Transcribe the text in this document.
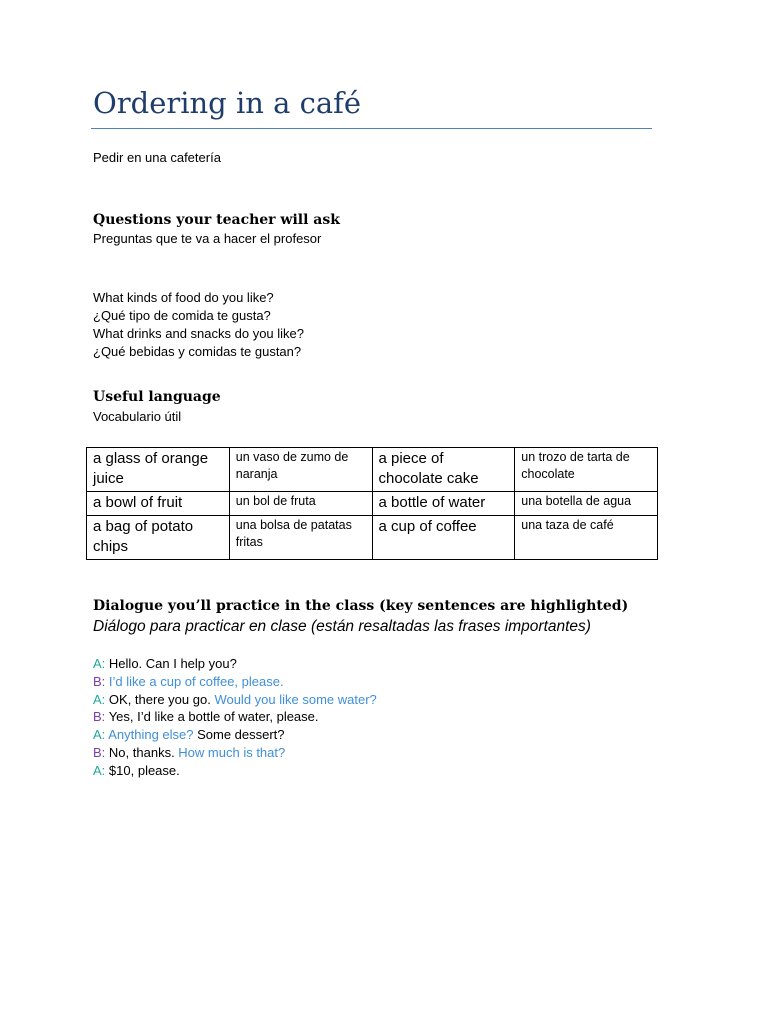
Ordering in a café
Pedir en una cafetería
Questions your teacher will ask
Preguntas que te va a hacer el profesor
What kinds of food do you like?
¿Qué tipo de comida te gusta?
What drinks and snacks do you like?
¿Qué bebidas y comidas te gustan?
Useful language
Vocabulario útil
a glass of orange juice	un vaso de zumo de naranja	a piece of chocolate cake	un trozo de tarta de chocolate
a bowl of fruit	un bol de fruta	a bottle of water	una botella de agua
a bag of potato chips	una bolsa de patatas fritas	a cup of coffee	una taza de café
Dialogue you’ll practice in the class (key sentences are highlighted)
Diálogo para practicar en clase (están resaltadas las frases importantes)
A: Hello. Can I help you?
B: I’d like a cup of coffee, please.
A: OK, there you go. Would you like some water?
B: Yes, I’d like a bottle of water, please.
A: Anything else? Some dessert?
B: No, thanks. How much is that?
A: $10, please.
